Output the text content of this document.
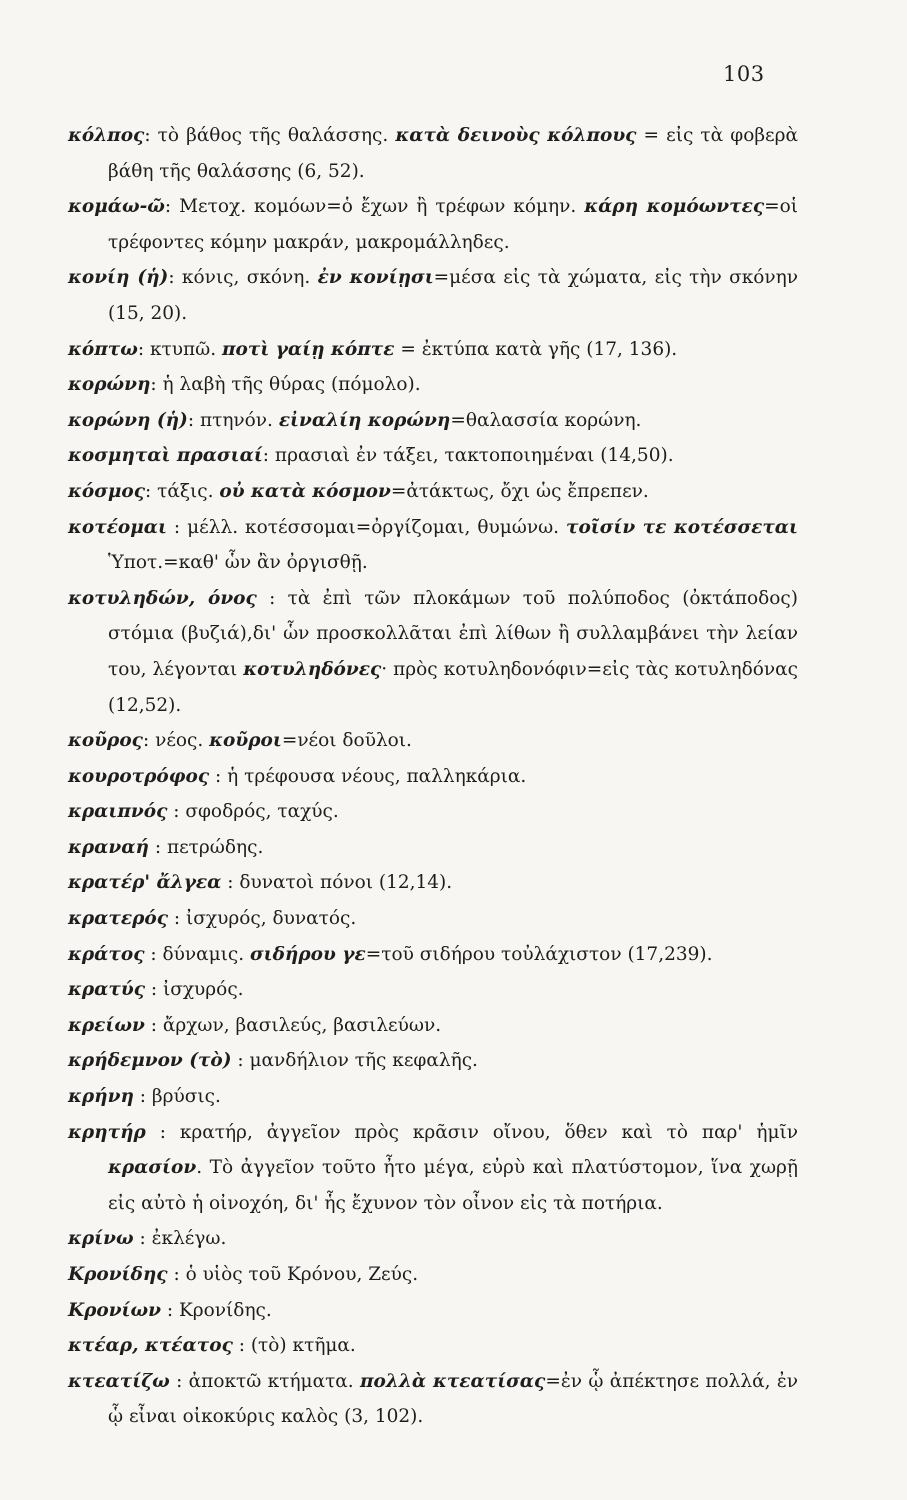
103

κόλπος: τὸ βάθος τῆς θαλάσσης. κατὰ δεινοὺς κόλπους = εἰς τὰ φοβερὰ βάθη τῆς θαλάσσης (6, 52).

κομάω-ῶ: Μετοχ. κομόων=ὁ ἔχων ἢ τρέφων κόμην. κάρη κομόωντες=οἱ τρέφοντες κόμην μακράν, μακρομάλληδες.

κονίη (ἡ): κόνις, σκόνη. ἐν κονίῃσι=μέσα εἰς τὰ χώματα, εἰς τὴν σκόνην (15, 20).

κόπτω: κτυπῶ. ποτὶ γαίῃ κόπτε = ἐκτύπα κατὰ γῆς (17, 136).

κορώνη: ἡ λαβὴ τῆς θύρας (πόμολο).

κορώνη (ἡ): πτηνόν. εἰναλίη κορώνη=θαλασσία κορώνη.

κοσμηταὶ πρασιαί: πρασιαὶ ἐν τάξει, τακτοποιημέναι (14,50).

κόσμος: τάξις. οὐ κατὰ κόσμον=ἀτάκτως, ὄχι ὡς ἔπρεπεν.

κοτέομαι : μέλλ. κοτέσσομαι=ὀργίζομαι, θυμώνω. τοῖσίν τε κοτέσσεται Ὑποτ.=καθ' ὧν ἂν ὀργισθῇ.

κοτυληδών, όνος : τὰ ἐπὶ τῶν πλοκάμων τοῦ πολύποδος (ὀκτάποδος) στόμια (βυζιά),δι' ὧν προσκολλᾶται ἐπὶ λίθων ἢ συλλαμβάνει τὴν λείαν του, λέγονται κοτυληδόνες· πρὸς κοτυληδονόφιν=εἰς τὰς κοτυληδόνας (12,52).

κοῦρος: νέος. κοῦροι=νέοι δοῦλοι.

κουροτρόφος : ἡ τρέφουσα νέους, παλληκάρια.

κραιπνός : σφοδρός, ταχύς.

κραναή : πετρώδης.

κρατέρ' ἄλγεα : δυνατοὶ πόνοι (12,14).

κρατερός : ἰσχυρός, δυνατός.

κράτος : δύναμις. σιδήρου γε=τοῦ σιδήρου τοὐλάχιστον (17,239).

κρατύς : ἰσχυρός.

κρείων : ἄρχων, βασιλεύς, βασιλεύων.

κρήδεμνον (τὸ) : μανδήλιον τῆς κεφαλῆς.

κρήνη : βρύσις.

κρητήρ : κρατήρ, ἀγγεῖον πρὸς κρᾶσιν οἴνου, ὅθεν καὶ τὸ παρ' ἡμῖν κρασίον. Τὸ ἀγγεῖον τοῦτο ἦτο μέγα, εὐρὺ καὶ πλατύστομον, ἵνα χωρῇ εἰς αὐτὸ ἡ οἰνοχόη, δι' ἧς ἔχυνον τὸν οἶνον εἰς τὰ ποτήρια.

κρίνω : ἐκλέγω.

Κρονίδης : ὁ υἱὸς τοῦ Κρόνου, Ζεύς.

Κρονίων : Κρονίδης.

κτέαρ, κτέατος : (τὸ) κτῆμα.

κτεατίζω : ἀποκτῶ κτήματα. πολλὰ κτεατίσας=ἐν ᾧ ἀπέκτησε πολλά, ἐν ᾧ εἶναι οἰκοκύρις καλὸς (3, 102).
